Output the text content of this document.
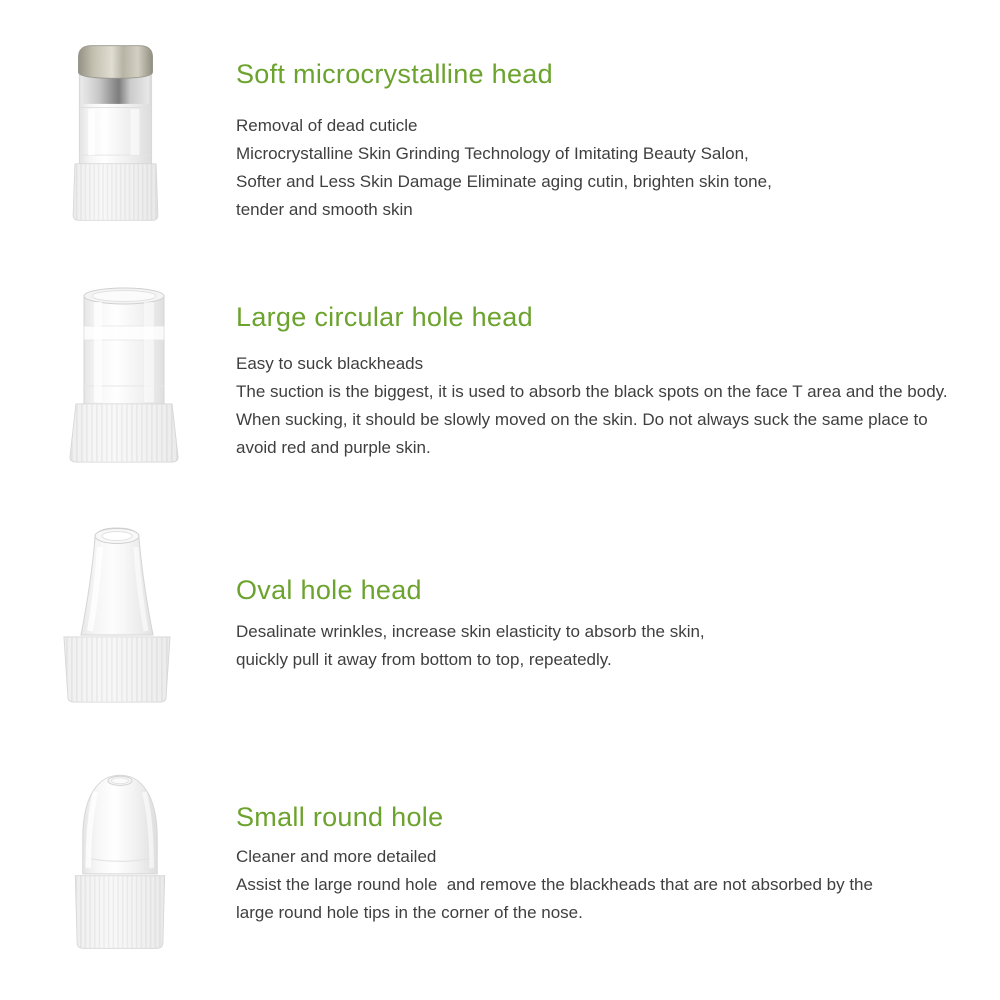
Soft microcrystalline head
Removal of dead cuticle
Microcrystalline Skin Grinding Technology of Imitating Beauty Salon,
Softer and Less Skin Damage Eliminate aging cutin, brighten skin tone,
tender and smooth skin
Large circular hole head
Easy to suck blackheads
The suction is the biggest, it is used to absorb the black spots on the face T area and the body.
When sucking, it should be slowly moved on the skin. Do not always suck the same place to
avoid red and purple skin.
Oval hole head
Desalinate wrinkles, increase skin elasticity to absorb the skin,
quickly pull it away from bottom to top, repeatedly.
Small round hole
Cleaner and more detailed
Assist the large round hole  and remove the blackheads that are not absorbed by the
large round hole tips in the corner of the nose.
